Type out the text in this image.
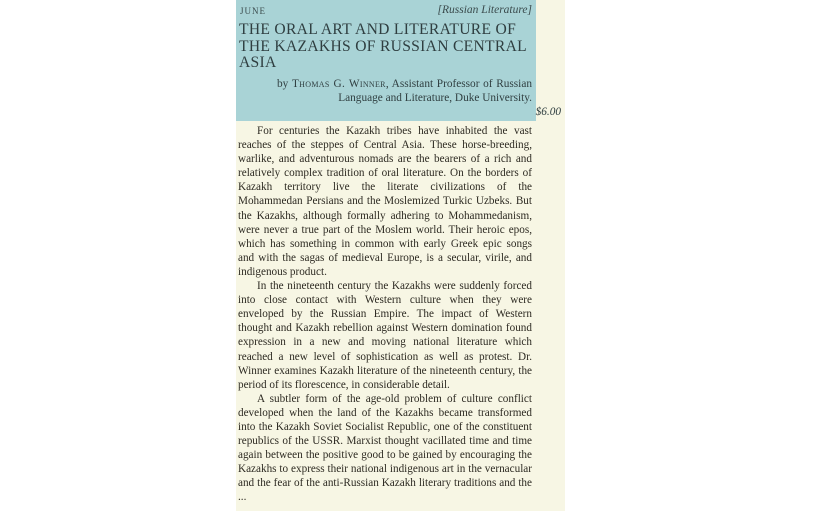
JUNE	[Russian Literature]
THE ORAL ART AND LITERATURE OF THE KAZAKHS OF RUSSIAN CENTRAL ASIA
by Thomas G. Winner, Assistant Professor of Russian Language and Literature, Duke University.
$6.00

For centuries the Kazakh tribes have inhabited the vast reaches of the steppes of Central Asia. These horse-breeding, warlike, and adventurous nomads are the bearers of a rich and relatively complex tradition of oral literature. On the borders of Kazakh territory live the literate civilizations of the Mohammedan Persians and the Moslemized Turkic Uzbeks. But the Kazakhs, although formally adhering to Mohammedanism, were never a true part of the Moslem world. Their heroic epos, which has something in common with early Greek epic songs and with the sagas of medieval Europe, is a secular, virile, and indigenous product.

In the nineteenth century the Kazakhs were suddenly forced into close contact with Western culture when they were enveloped by the Russian Empire. The impact of Western thought and Kazakh rebellion against Western domination found expression in a new and moving national literature which reached a new level of sophistication as well as protest. Dr. Winner examines Kazakh literature of the nineteenth century, the period of its florescence, in considerable detail.

A subtler form of the age-old problem of culture conflict developed when the land of the Kazakhs became transformed into the Kazakh Soviet Socialist Republic, one of the constituent republics of the USSR. Marxist thought vacillated time and time again between the positive good to be gained by encouraging the Kazakhs to express their national indigenous art in the vernacular and the fear of the anti-Russian Kazakh literary traditions and the ...
